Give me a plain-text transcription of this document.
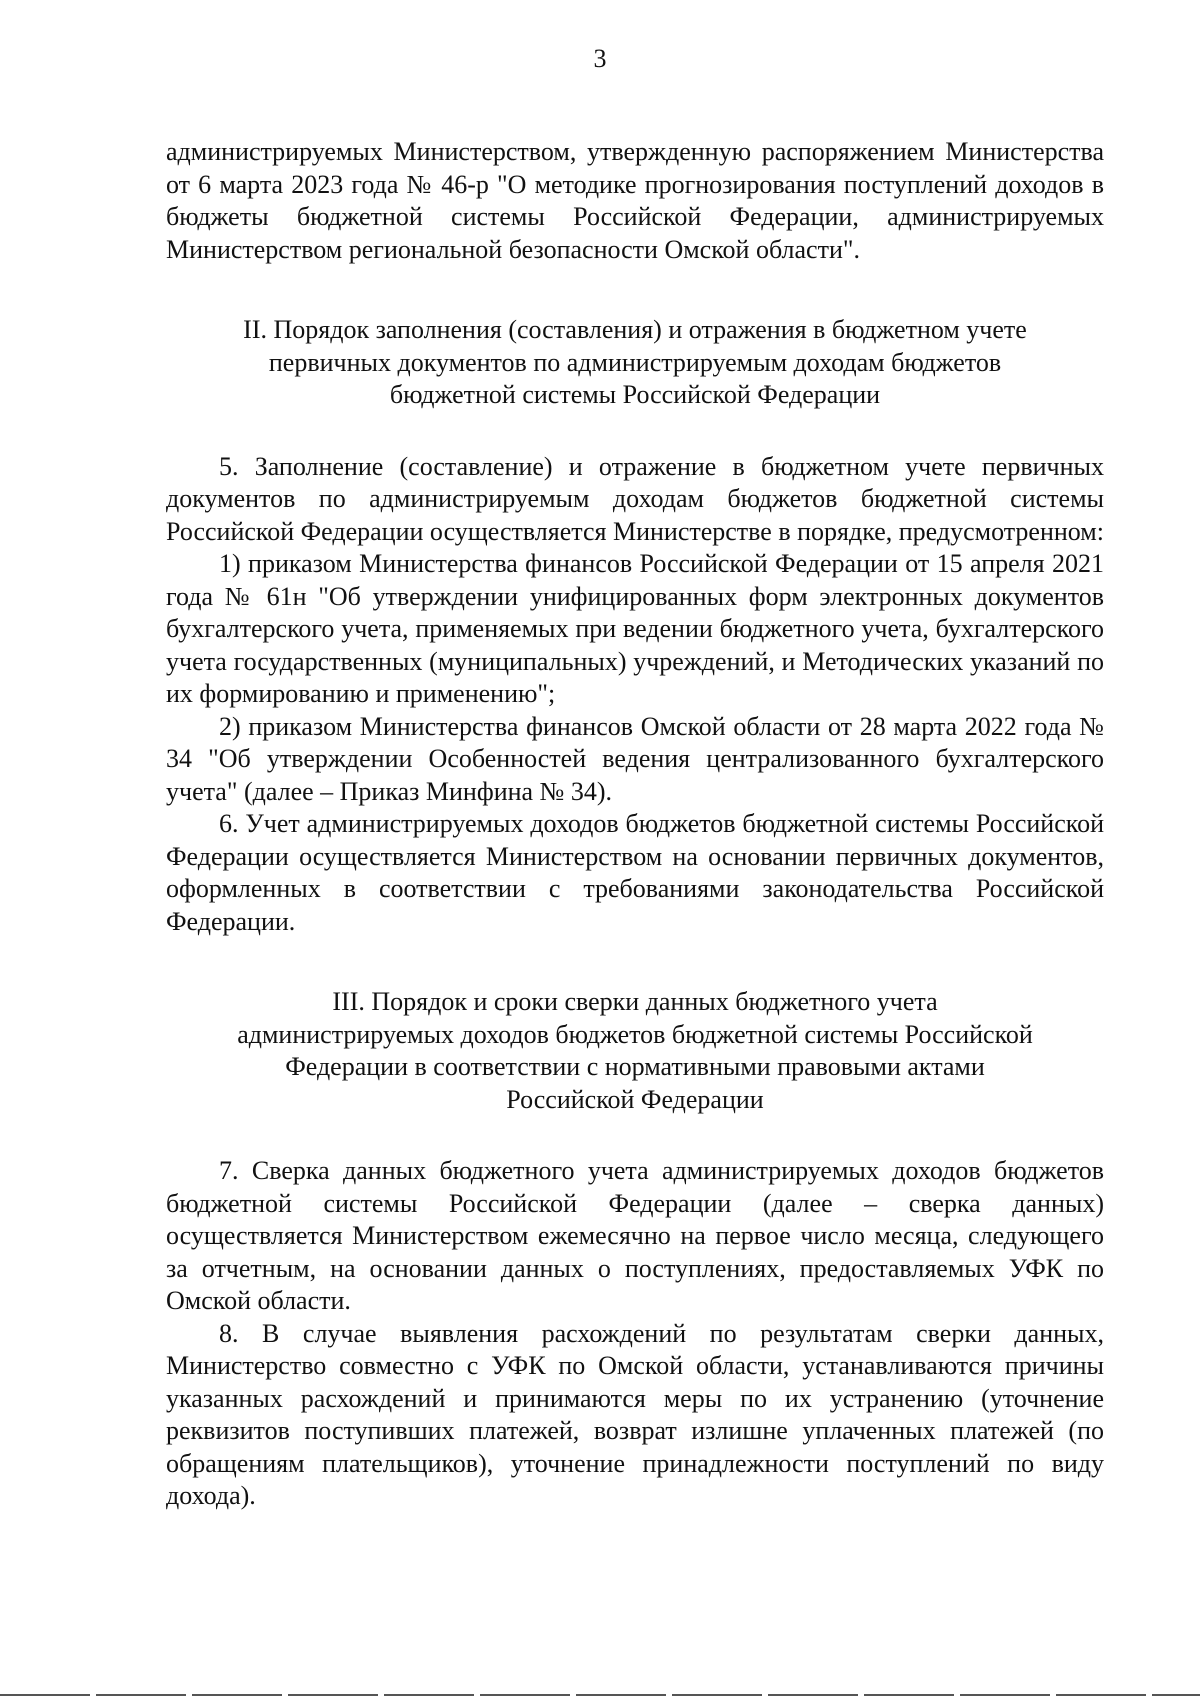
3

администрируемых Министерством, утвержденную распоряжением Министерства от 6 марта 2023 года № 46-р "О методике прогнозирования поступлений доходов в бюджеты бюджетной системы Российской Федерации, администрируемых Министерством региональной безопасности Омской области".

II. Порядок заполнения (составления) и отражения в бюджетном учете первичных документов по администрируемым доходам бюджетов бюджетной системы Российской Федерации

5. Заполнение (составление) и отражение в бюджетном учете первичных документов по администрируемым доходам бюджетов бюджетной системы Российской Федерации осуществляется Министерстве в порядке, предусмотренном:

1) приказом Министерства финансов Российской Федерации от 15 апреля 2021 года № 61н "Об утверждении унифицированных форм электронных документов бухгалтерского учета, применяемых при ведении бюджетного учета, бухгалтерского учета государственных (муниципальных) учреждений, и Методических указаний по их формированию и применению";

2) приказом Министерства финансов Омской области от 28 марта 2022 года № 34 "Об утверждении Особенностей ведения централизованного бухгалтерского учета" (далее – Приказ Минфина № 34).

6. Учет администрируемых доходов бюджетов бюджетной системы Российской Федерации осуществляется Министерством на основании первичных документов, оформленных в соответствии с требованиями законодательства Российской Федерации.

III. Порядок и сроки сверки данных бюджетного учета администрируемых доходов бюджетов бюджетной системы Российской Федерации в соответствии с нормативными правовыми актами Российской Федерации

7. Сверка данных бюджетного учета администрируемых доходов бюджетов бюджетной системы Российской Федерации (далее – сверка данных) осуществляется Министерством ежемесячно на первое число месяца, следующего за отчетным, на основании данных о поступлениях, предоставляемых УФК по Омской области.

8. В случае выявления расхождений по результатам сверки данных, Министерство совместно с УФК по Омской области, устанавливаются причины указанных расхождений и принимаются меры по их устранению (уточнение реквизитов поступивших платежей, возврат излишне уплаченных платежей (по обращениям плательщиков), уточнение принадлежности поступлений по виду дохода).
